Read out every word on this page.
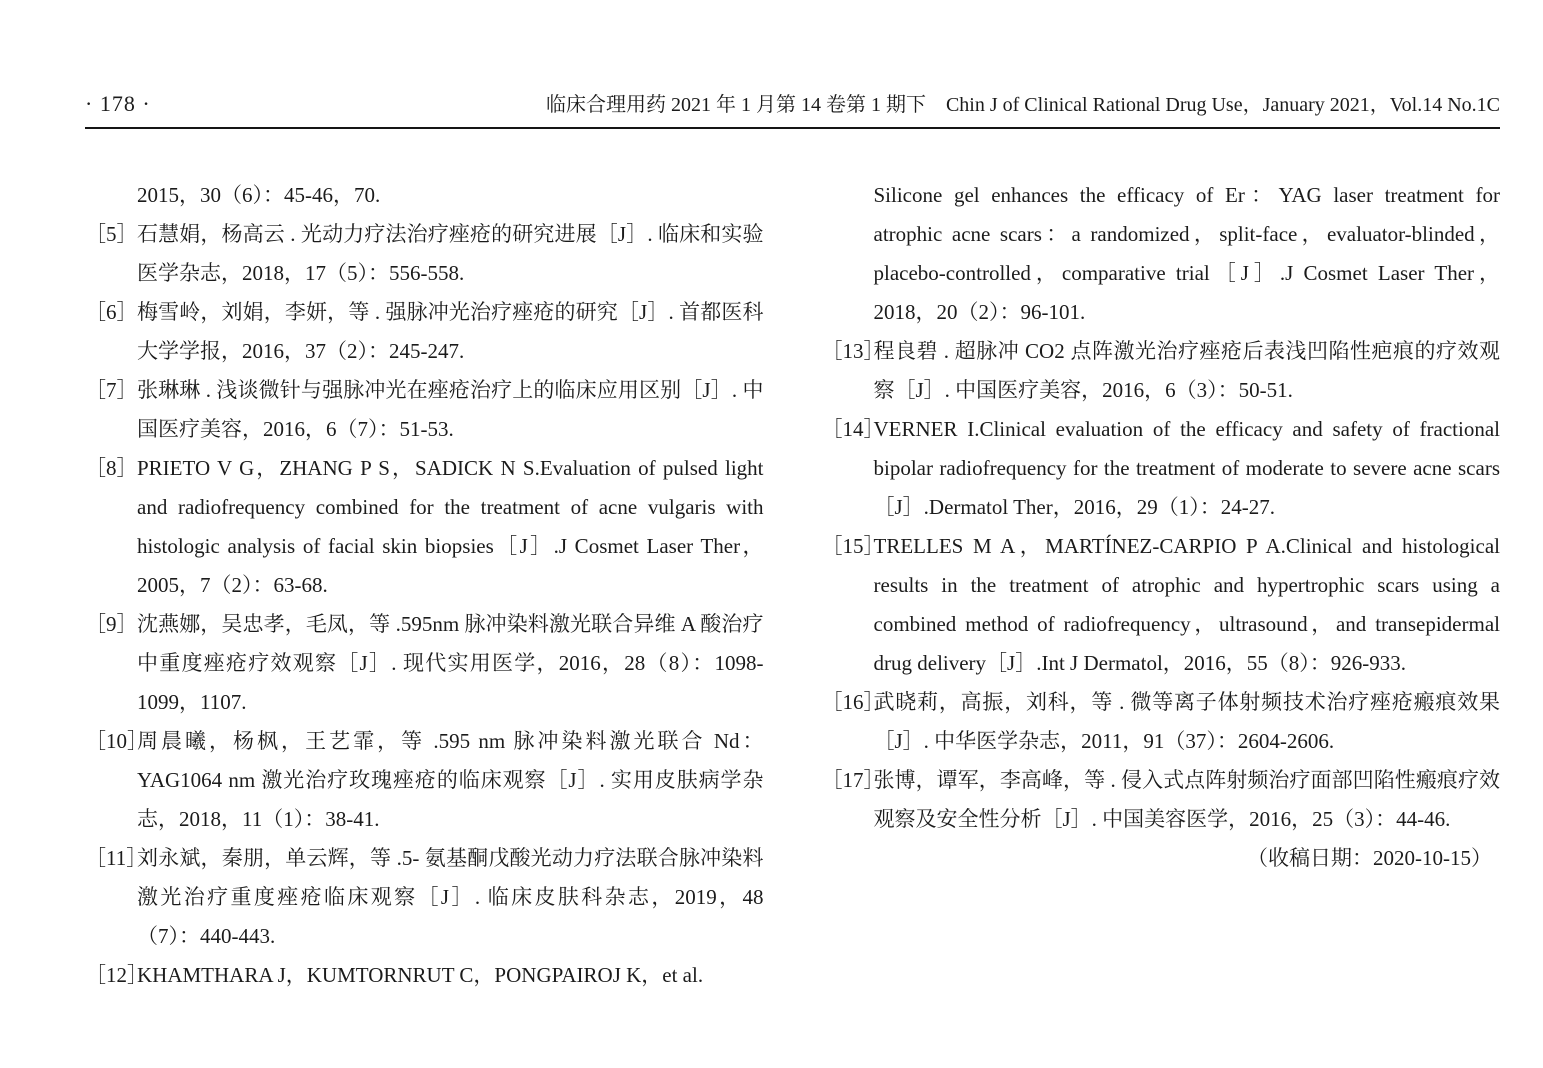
· 178 ·	临床合理用药 2021 年 1 月第 14 卷第 1 期下　Chin J of Clinical Rational Drug Use，January 2021，Vol.14 No.1C
2015，30（6）：45-46，70.
［5］ 石慧娟，杨高云 . 光动力疗法治疗痤疮的研究进展［J］. 临床和实验医学杂志，2018，17（5）：556-558.
［6］ 梅雪岭，刘娟，李妍，等 . 强脉冲光治疗痤疮的研究［J］. 首都医科大学学报，2016，37（2）：245-247.
［7］ 张琳琳 . 浅谈微针与强脉冲光在痤疮治疗上的临床应用区别［J］. 中国医疗美容，2016，6（7）：51-53.
［8］ PRIETO V G，ZHANG P S，SADICK N S.Evaluation of pulsed light and radiofrequency combined for the treatment of acne vulgaris with histologic analysis of facial skin biopsies［J］.J Cosmet Laser Ther，2005，7（2）：63-68.
［9］ 沈燕娜，吴忠孝，毛凤，等 .595nm 脉冲染料激光联合异维 A 酸治疗中重度痤疮疗效观察［J］. 现代实用医学，2016，28（8）：1098-1099，1107.
［10］
周晨曦，杨枫，王艺霏，等 .595 nm 脉冲染料激光联合 Nd：YAG1064 nm 激光治疗玫瑰痤疮的临床观察［J］. 实用皮肤病学杂志，2018，11（1）：38-41.
［11］
刘永斌，秦朋，单云辉，等 .5- 氨基酮戊酸光动力疗法联合脉冲染料激光治疗重度痤疮临床观察［J］. 临床皮肤科杂志，2019，48（7）：440-443.
［12］
KHAMTHARA J，KUMTORNRUT C，PONGPAIROJ K，et al.
Silicone gel enhances the efficacy of Er：YAG laser treatment for atrophic acne scars：a randomized，split-face，evaluator-blinded，placebo-controlled，comparative trial［J］.J Cosmet Laser Ther，2018，20（2）：96-101.
［13］
程良碧 . 超脉冲 CO2 点阵激光治疗痤疮后表浅凹陷性疤痕的疗效观察［J］. 中国医疗美容，2016，6（3）：50-51.
［14］
VERNER I.Clinical evaluation of the efficacy and safety of fractional bipolar radiofrequency for the treatment of moderate to severe acne scars［J］.Dermatol Ther，2016，29（1）：24-27.
［15］
TRELLES M A，MARTÍNEZ-CARPIO P A.Clinical and histological results in the treatment of atrophic and hypertrophic scars using a combined method of radiofrequency，ultrasound，and transepidermal drug delivery［J］.Int J Dermatol，2016，55（8）：926-933.
［16］
武晓莉，高振，刘科，等 . 微等离子体射频技术治疗痤疮瘢痕效果［J］. 中华医学杂志，2011，91（37）：2604-2606.
［17］
张博，谭军，李高峰，等 . 侵入式点阵射频治疗面部凹陷性瘢痕疗效观察及安全性分析［J］. 中国美容医学，2016，25（3）：44-46.
（收稿日期：2020-10-15）
